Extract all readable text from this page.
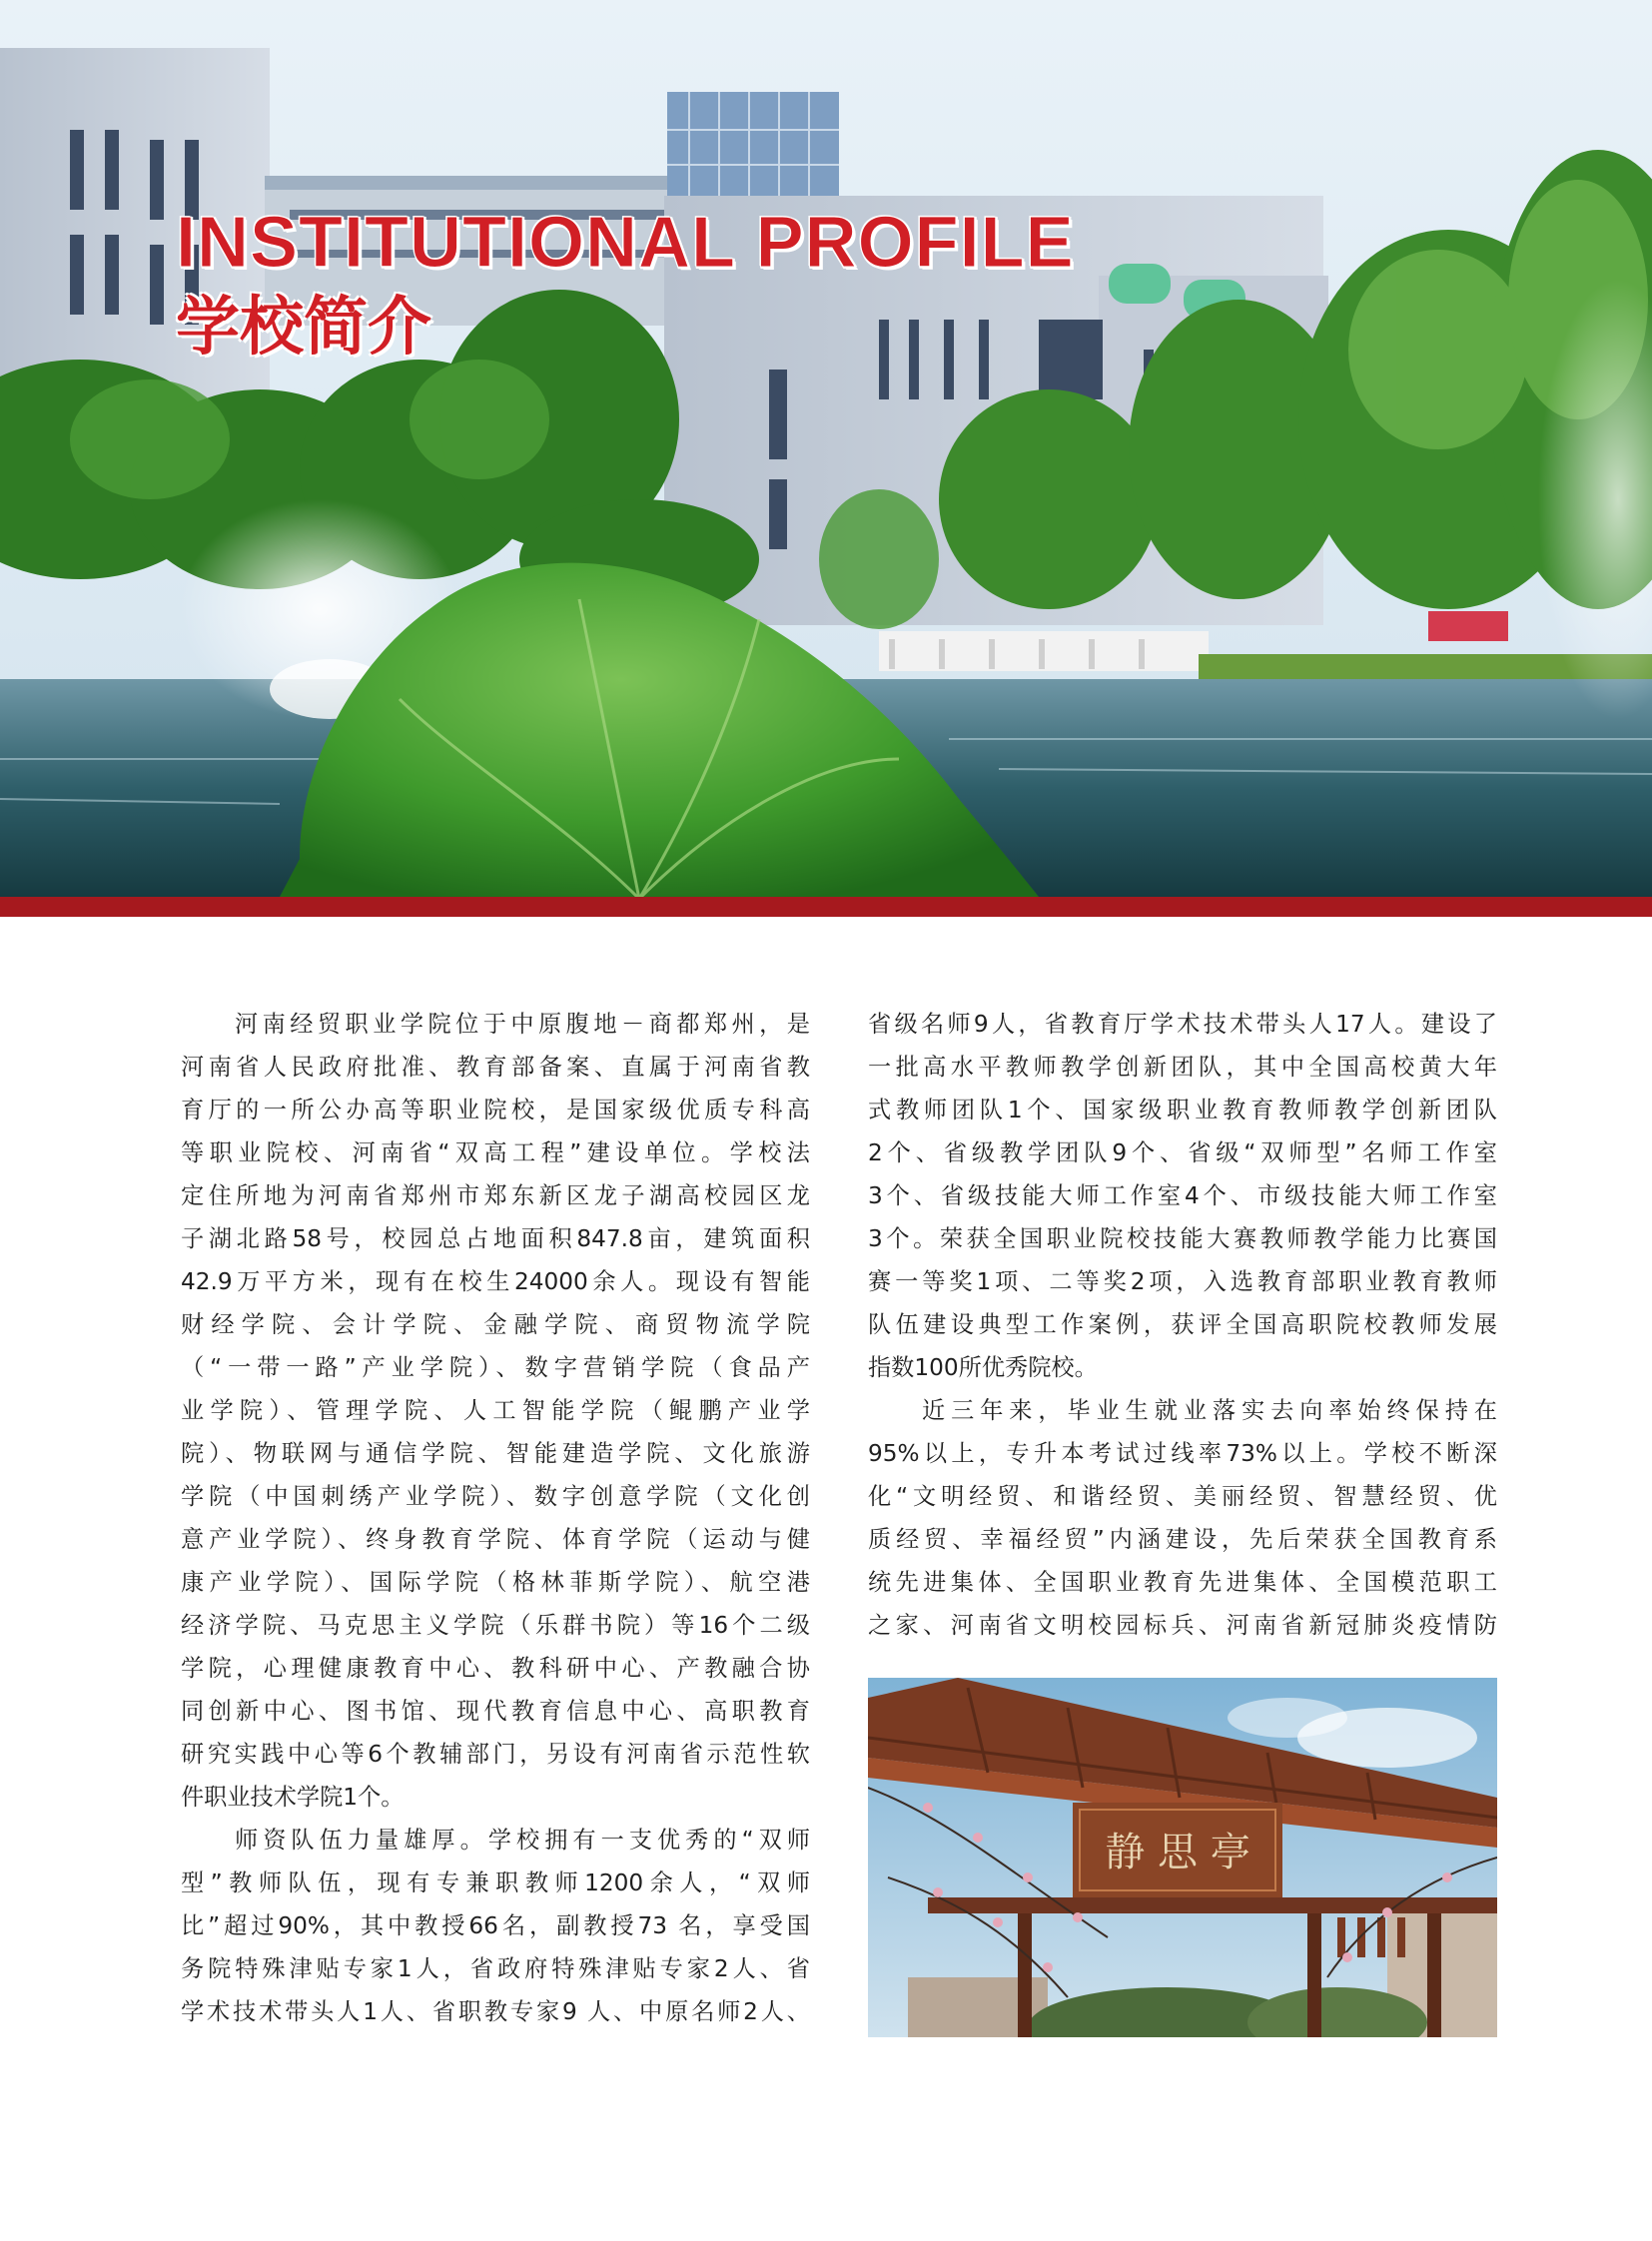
INSTITUTIONAL PROFILE
学校简介
河南经贸职业学院位于中原腹地－商都郑州，是
河南省人民政府批准、教育部备案、直属于河南省教
育厅的一所公办高等职业院校，是国家级优质专科高
等职业院校、河南省“双高工程”建设单位。学校法
定住所地为河南省郑州市郑东新区龙子湖高校园区龙
子湖北路58号，校园总占地面积847.8亩，建筑面积
42.9万平方米，现有在校生24000余人。现设有智能
财经学院、会计学院、金融学院、商贸物流学院
（“一带一路”产业学院）、数字营销学院（食品产
业学院）、管理学院、人工智能学院（鲲鹏产业学
院）、物联网与通信学院、智能建造学院、文化旅游
学院（中国刺绣产业学院）、数字创意学院（文化创
意产业学院）、终身教育学院、体育学院（运动与健
康产业学院）、国际学院（格林菲斯学院）、航空港
经济学院、马克思主义学院（乐群书院）等16个二级
学院，心理健康教育中心、教科研中心、产教融合协
同创新中心、图书馆、现代教育信息中心、高职教育
研究实践中心等6个教辅部门，另设有河南省示范性软
件职业技术学院1个。
师资队伍力量雄厚。学校拥有一支优秀的“双师
型”教师队伍，现有专兼职教师1200余人，“双师
比”超过90%，其中教授66名，副教授73 名，享受国
务院特殊津贴专家1人，省政府特殊津贴专家2人、省
学术技术带头人1人、省职教专家9 人、中原名师2人、
省级名师9人，省教育厅学术技术带头人17人。建设了
一批高水平教师教学创新团队，其中全国高校黄大年
式教师团队1个、国家级职业教育教师教学创新团队
2个、省级教学团队9个、省级“双师型”名师工作室
3个、省级技能大师工作室4个、市级技能大师工作室
3个。荣获全国职业院校技能大赛教师教学能力比赛国
赛一等奖1项、二等奖2项，入选教育部职业教育教师
队伍建设典型工作案例，获评全国高职院校教师发展
指数100所优秀院校。
近三年来，毕业生就业落实去向率始终保持在
95%以上，专升本考试过线率73%以上。学校不断深
化“文明经贸、和谐经贸、美丽经贸、智慧经贸、优
质经贸、幸福经贸”内涵建设，先后荣获全国教育系
统先进集体、全国职业教育先进集体、全国模范职工
之家、河南省文明校园标兵、河南省新冠肺炎疫情防
静 思 亭
